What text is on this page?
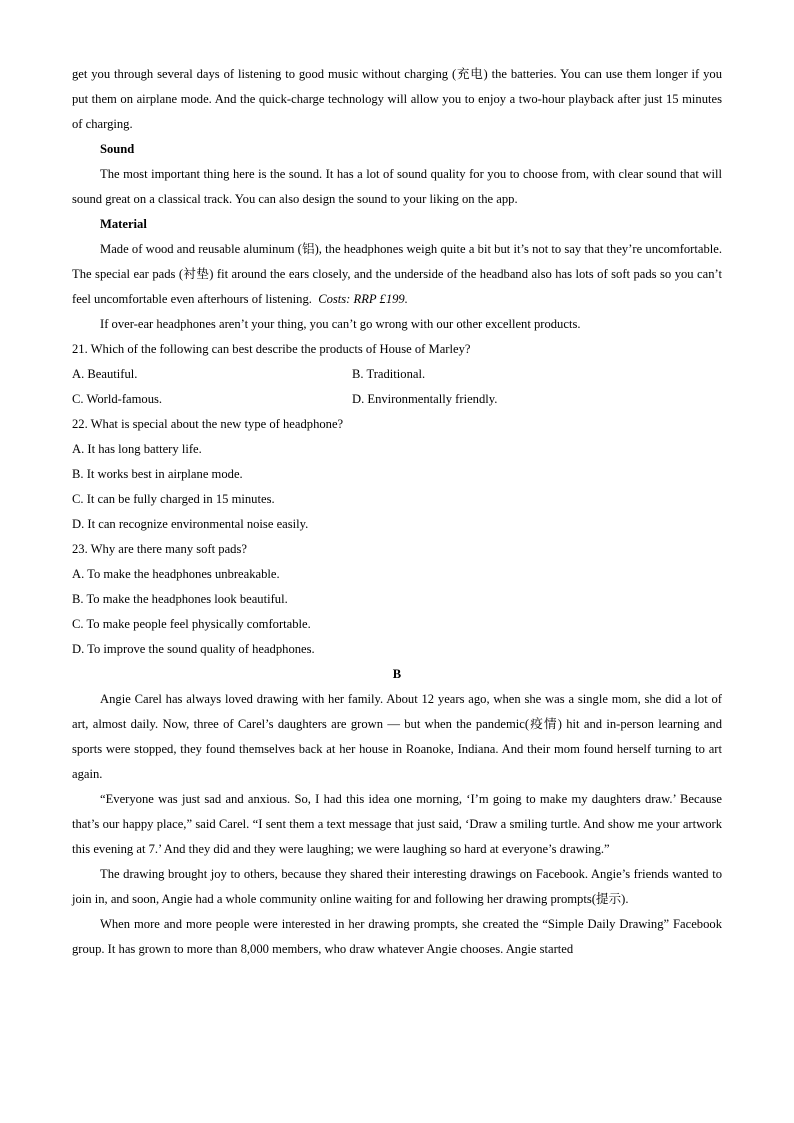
get you through several days of listening to good music without charging (充电) the batteries. You can use them longer if you put them on airplane mode. And the quick-charge technology will allow you to enjoy a two-hour playback after just 15 minutes of charging.

Sound

The most important thing here is the sound. It has a lot of sound quality for you to choose from, with clear sound that will sound great on a classical track. You can also design the sound to your liking on the app.

Material

Made of wood and reusable aluminum (铝), the headphones weigh quite a bit but it’s not to say that they’re uncomfortable. The special ear pads (衬垫) fit around the ears closely, and the underside of the headband also has lots of soft pads so you can’t feel uncomfortable even afterhours of listening. Costs: RRP £199.

If over-ear headphones aren’t your thing, you can’t go wrong with our other excellent products.

21. Which of the following can best describe the products of House of Marley?

A. Beautiful.	B. Traditional.
C. World-famous.	D. Environmentally friendly.

22. What is special about the new type of headphone?

A. It has long battery life.

B. It works best in airplane mode.

C. It can be fully charged in 15 minutes.

D. It can recognize environmental noise easily.

23. Why are there many soft pads?

A. To make the headphones unbreakable.

B. To make the headphones look beautiful.

C. To make people feel physically comfortable.

D. To improve the sound quality of headphones.

B

Angie Carel has always loved drawing with her family. About 12 years ago, when she was a single mom, she did a lot of art, almost daily. Now, three of Carel’s daughters are grown — but when the pandemic(疫情) hit and in-person learning and sports were stopped, they found themselves back at her house in Roanoke, Indiana. And their mom found herself turning to art again.

“Everyone was just sad and anxious. So, I had this idea one morning, ‘I’m going to make my daughters draw.’ Because that’s our happy place,” said Carel. “I sent them a text message that just said, ‘Draw a smiling turtle. And show me your artwork this evening at 7.’ And they did and they were laughing; we were laughing so hard at everyone’s drawing.”

The drawing brought joy to others, because they shared their interesting drawings on Facebook. Angie’s friends wanted to join in, and soon, Angie had a whole community online waiting for and following her drawing prompts(提示).

When more and more people were interested in her drawing prompts, she created the “Simple Daily Drawing” Facebook group. It has grown to more than 8,000 members, who draw whatever Angie chooses. Angie started
